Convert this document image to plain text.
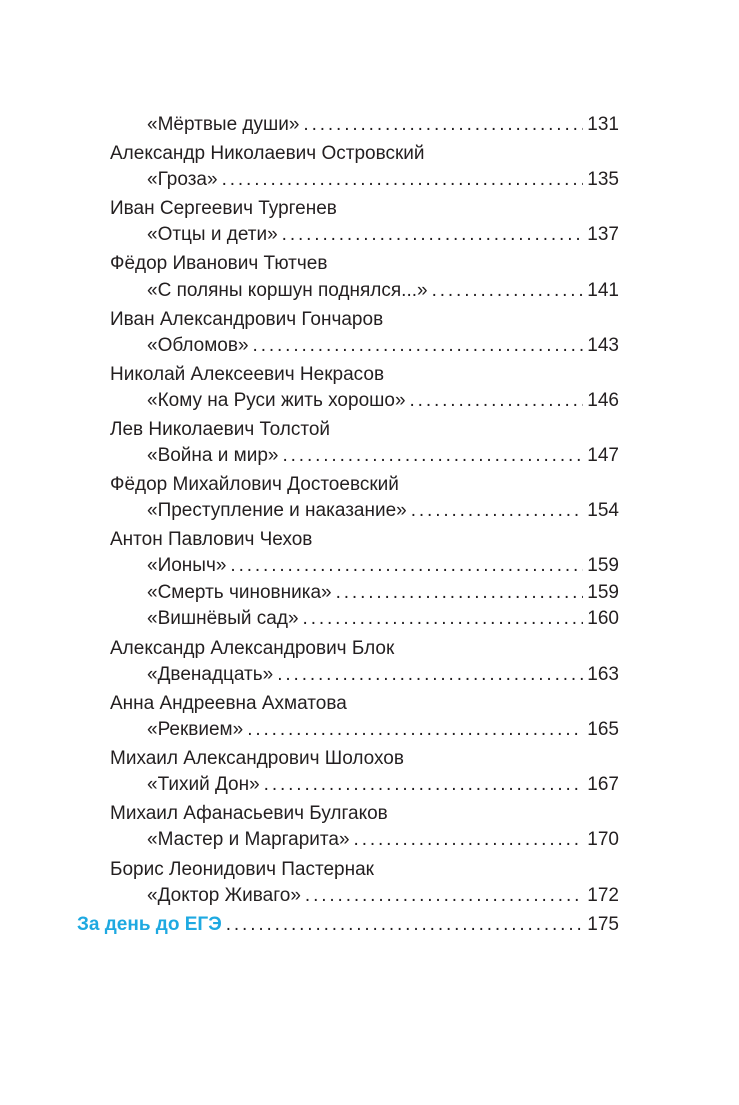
«Мёртвые души» . . .	131
Александр Николаевич Островский
«Гроза» . . .	135
Иван Сергеевич Тургенев
«Отцы и дети» . . .	137
Фёдор Иванович Тютчев
«С поляны коршун поднялся...» . . .	141
Иван Александрович Гончаров
«Обломов» . . .	143
Николай Алексеевич Некрасов
«Кому на Руси жить хорошо» . . .	146
Лев Николаевич Толстой
«Война и мир» . . .	147
Фёдор Михайлович Достоевский
«Преступление и наказание» . . .	154
Антон Павлович Чехов
«Ионыч» . . .	159
«Смерть чиновника» . . .	159
«Вишнёвый сад» . . .	160
Александр Александрович Блок
«Двенадцать» . . .	163
Анна Андреевна Ахматова
«Реквием» . . .	165
Михаил Александрович Шолохов
«Тихий Дон» . . .	167
Михаил Афанасьевич Булгаков
«Мастер и Маргарита» . . .	170
Борис Леонидович Пастернак
«Доктор Живаго» . . .	172
За день до ЕГЭ . . .	175
